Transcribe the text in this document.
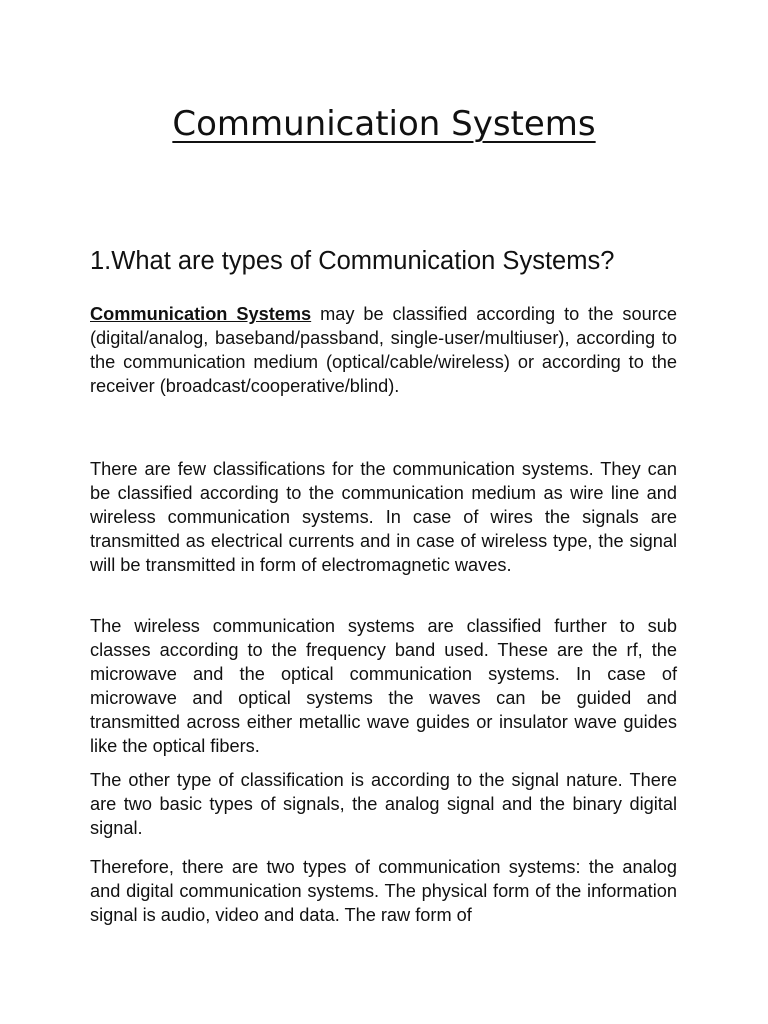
Communication Systems
1.What are types of Communication Systems?

Communication Systems may be classified according to the source (digital/analog, baseband/passband, single-user/multiuser), according to the communication medium (optical/cable/wireless) or according to the receiver (broadcast/cooperative/blind).

There are few classifications for the communication systems. They can be classified according to the communication medium as wire line and wireless communication systems. In case of wires the signals are transmitted as electrical currents and in case of wireless type, the signal will be transmitted in form of electromagnetic waves.

The wireless communication systems are classified further to sub classes according to the frequency band used. These are the rf, the microwave and the optical communication systems. In case of microwave and optical systems the waves can be guided and transmitted across either metallic wave guides or insulator wave guides like the optical fibers.

The other type of classification is according to the signal nature. There are two basic types of signals, the analog signal and the binary digital signal.

Therefore, there are two types of communication systems: the analog and digital communication systems. The physical form of the information signal is audio, video and data. The raw form of
